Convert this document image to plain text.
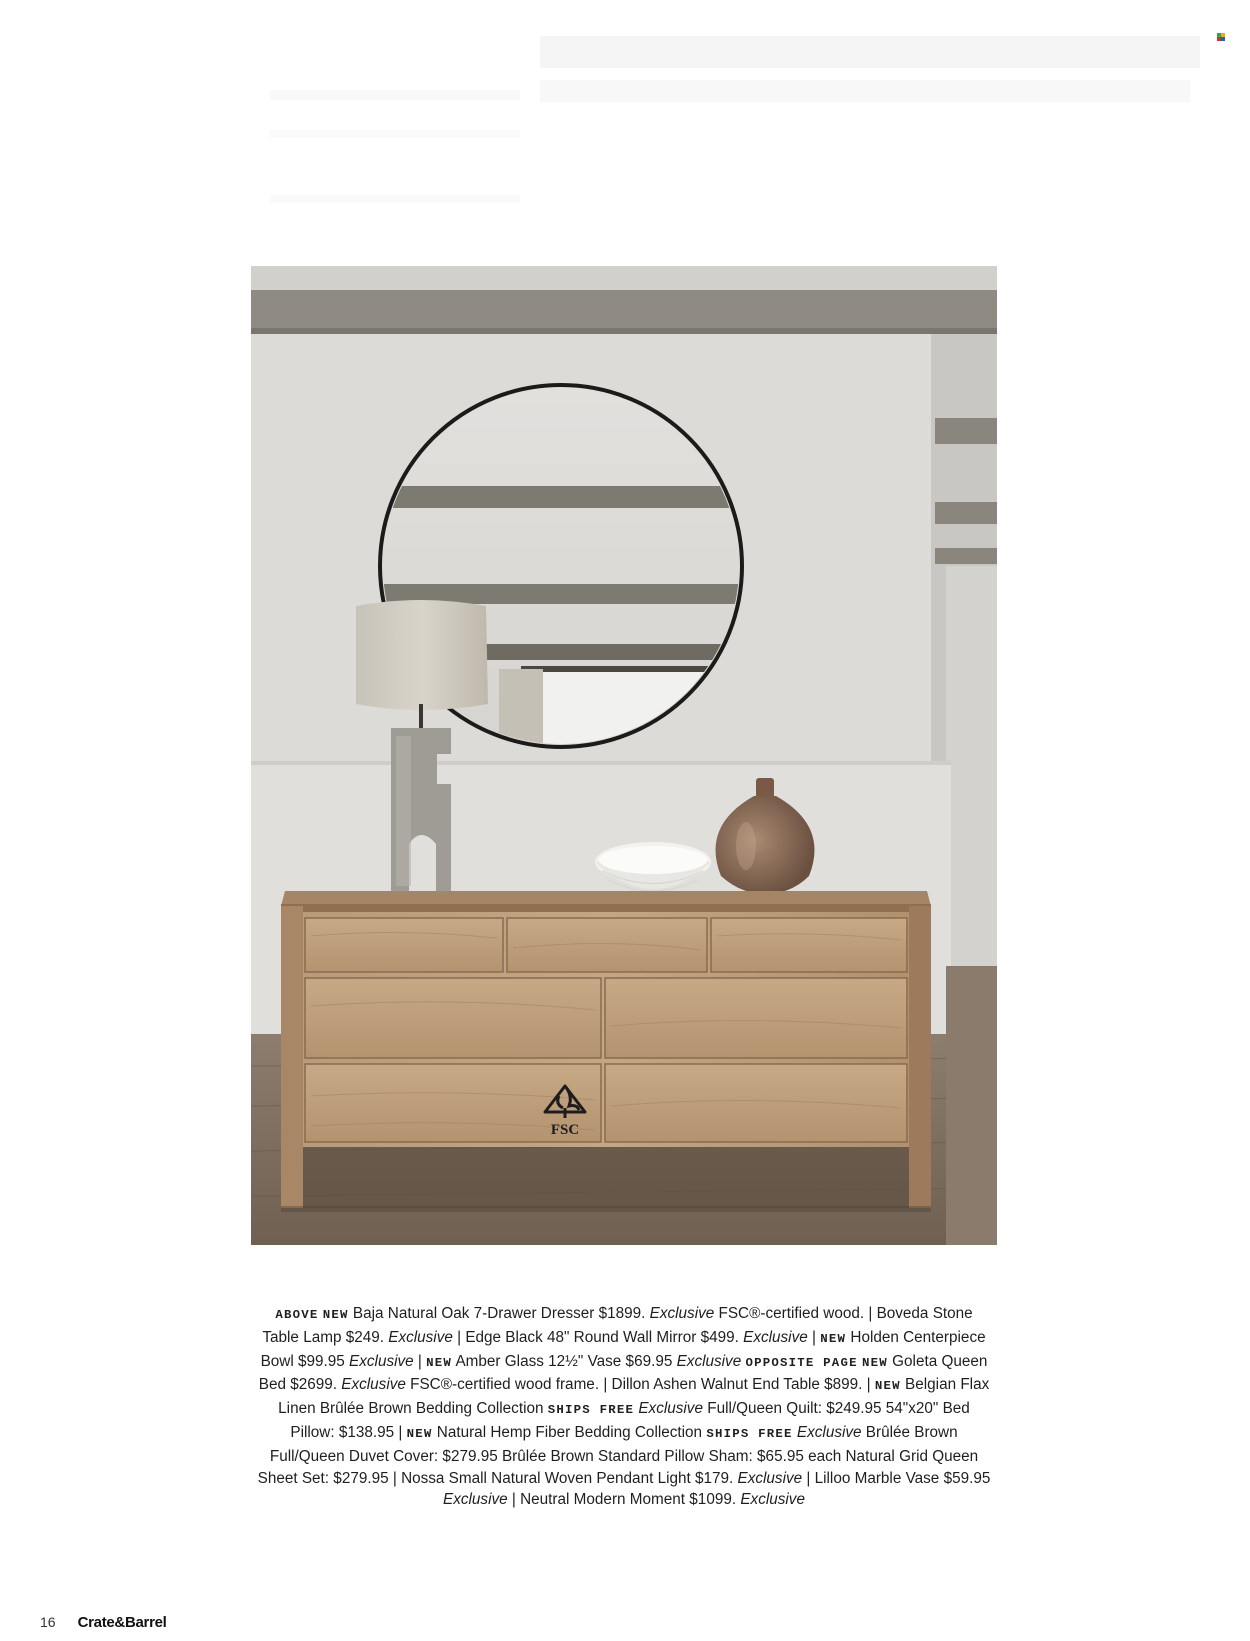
FSC
ABOVE NEW Baja Natural Oak 7-Drawer Dresser $1899. Exclusive FSC®-certified wood. | Boveda Stone Table Lamp $249. Exclusive | Edge Black 48" Round Wall Mirror $499. Exclusive | NEW Holden Centerpiece Bowl $99.95 Exclusive | NEW Amber Glass 12½" Vase $69.95 Exclusive OPPOSITE PAGE NEW Goleta Queen Bed $2699. Exclusive FSC®-certified wood frame. | Dillon Ashen Walnut End Table $899. | NEW Belgian Flax Linen Brûlée Brown Bedding Collection SHIPS FREE Exclusive Full/Queen Quilt: $249.95 54"x20" Bed Pillow: $138.95 | NEW Natural Hemp Fiber Bedding Collection SHIPS FREE Exclusive Brûlée Brown Full/Queen Duvet Cover: $279.95 Brûlée Brown Standard Pillow Sham: $65.95 each Natural Grid Queen Sheet Set: $279.95 | Nossa Small Natural Woven Pendant Light $179. Exclusive | Lilloo Marble Vase $59.95 Exclusive | Neutral Modern Moment $1099. Exclusive
16 Crate&Barrel
